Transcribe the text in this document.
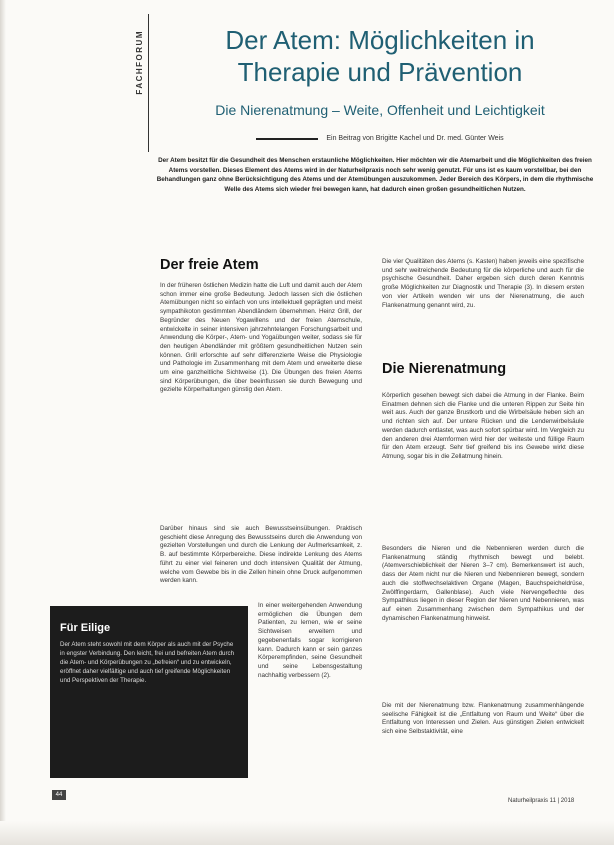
FACHFORUM	Der Atem: Möglichkeiten in
Therapie und Prävention
Die Nierenatmung – Weite, Offenheit und Leichtigkeit
Ein Beitrag von Brigitte Kachel und Dr. med. Günter Weis
Der Atem besitzt für die Gesundheit des Menschen erstaunliche Möglichkeiten. Hier möchten wir die Atemarbeit und die Möglichkeiten des freien Atems vorstellen. Dieses Element des Atems wird in der Naturheilpraxis noch sehr wenig genutzt. Für uns ist es kaum vorstellbar, bei den Behandlungen ganz ohne Berücksichtigung des Atems und der Atemübungen auszukommen. Jeder Bereich des Körpers, in dem die rhythmische Welle des Atems sich wieder frei bewegen kann, hat dadurch einen großen gesundheitlichen Nutzen.
Der freie Atem

In der früheren östlichen Medizin hatte die Luft und damit auch der Atem schon immer eine große Bedeutung. Jedoch lassen sich die östlichen Atemübungen nicht so einfach von uns intellektuell geprägten und meist sympathikoton gestimmten Abendländern übernehmen. Heinz Grill, der Begründer des Neuen Yogawillens und der freien Atemschule, entwickelte in seiner intensiven jahrzehntelangen Forschungsarbeit und Anwendung die Körper-, Atem- und Yogaübungen weiter, sodass sie für den heutigen Abendländer mit größtem gesundheitlichen Nutzen sein können. Grill erforschte auf sehr differenzierte Weise die Physiologie und Pathologie im Zusammenhang mit dem Atem und erweiterte diese um eine ganzheitliche Sichtweise (1). Die Übungen des freien Atems sind Körperübungen, die über beeinflussen sie durch Bewegung und gezielte Körperhaltungen günstig den Atem.

Darüber hinaus sind sie auch Bewusstseinsübungen. Praktisch geschieht diese Anregung des Bewusstseins durch die Anwendung von gezielten Vorstellungen und durch die Lenkung der Aufmerksamkeit, z. B. auf bestimmte Körperbereiche. Diese indirekte Lenkung des Atems führt zu einer viel feineren und doch intensiven Qualität der Atmung, welche vom Gewebe bis in die Zellen hinein ohne Druck aufgenommen werden kann.

In einer weitergehenden Anwendung ermöglichen die Übungen dem Patienten, zu lernen, wie er seine Sichtweisen erweitern und gegebenenfalls sogar korrigieren kann. Dadurch kann er sein ganzes Körperempfinden, seine Gesundheit und seine Lebensgestaltung nachhaltig verbessern (2).

Die vier Qualitäten des Atems (s. Kasten) haben jeweils eine spezifische und sehr weitreichende Bedeutung für die körperliche und auch für die psychische Gesundheit. Daher ergeben sich durch deren Kenntnis große Möglichkeiten zur Diagnostik und Therapie (3). In diesem ersten von vier Artikeln wenden wir uns der Nierenatmung, die auch Flankenatmung genannt wird, zu.

Die Nierenatmung

Körperlich gesehen bewegt sich dabei die Atmung in der Flanke. Beim Einatmen dehnen sich die Flanke und die unteren Rippen zur Seite hin weit aus. Auch der ganze Brustkorb und die Wirbelsäule heben sich an und richten sich auf. Der untere Rücken und die Lendenwirbelsäule werden dadurch entlastet, was auch sofort spürbar wird. Im Vergleich zu den anderen drei Atemformen wird hier der weiteste und füllige Raum für den Atem erzeugt. Sehr tief greifend bis ins Gewebe wirkt diese Atmung, sogar bis in die Zellatmung hinein.

Besonders die Nieren und die Nebennieren werden durch die Flankenatmung ständig rhythmisch bewegt und belebt. (Atemverschieblichkeit der Nieren 3–7 cm). Bemerkenswert ist auch, dass der Atem nicht nur die Nieren und Nebennieren bewegt, sondern auch die stoffwechselaktiven Organe (Magen, Bauchspeicheldrüse, Zwölffingerdarm, Gallenblase). Auch viele Nervengeflechte des Sympathikus liegen in dieser Region der Nieren und Nebennieren, was auf einen Zusammenhang zwischen dem Sympathikus und der dynamischen Flankenatmung hinweist.

Die mit der Nierenatmung bzw. Flankenatmung zusammenhängende seelische Fähigkeit ist die „Entfaltung von Raum und Weite“ über die Entfaltung von Interessen und Zielen. Aus günstigen Zielen entwickelt sich eine Selbstaktivität, eine

Für Eilige
Der Atem steht sowohl mit dem Körper als auch mit der Psyche in engster Verbindung. Den leicht, frei und befreiten Atem durch die Atem- und Körperübungen zu „befreien“ und zu entwickeln, eröffnet daher vielfältige und auch tief greifende Möglichkeiten und Perspektiven der Therapie.
44
Naturheilpraxis 11 | 2018
